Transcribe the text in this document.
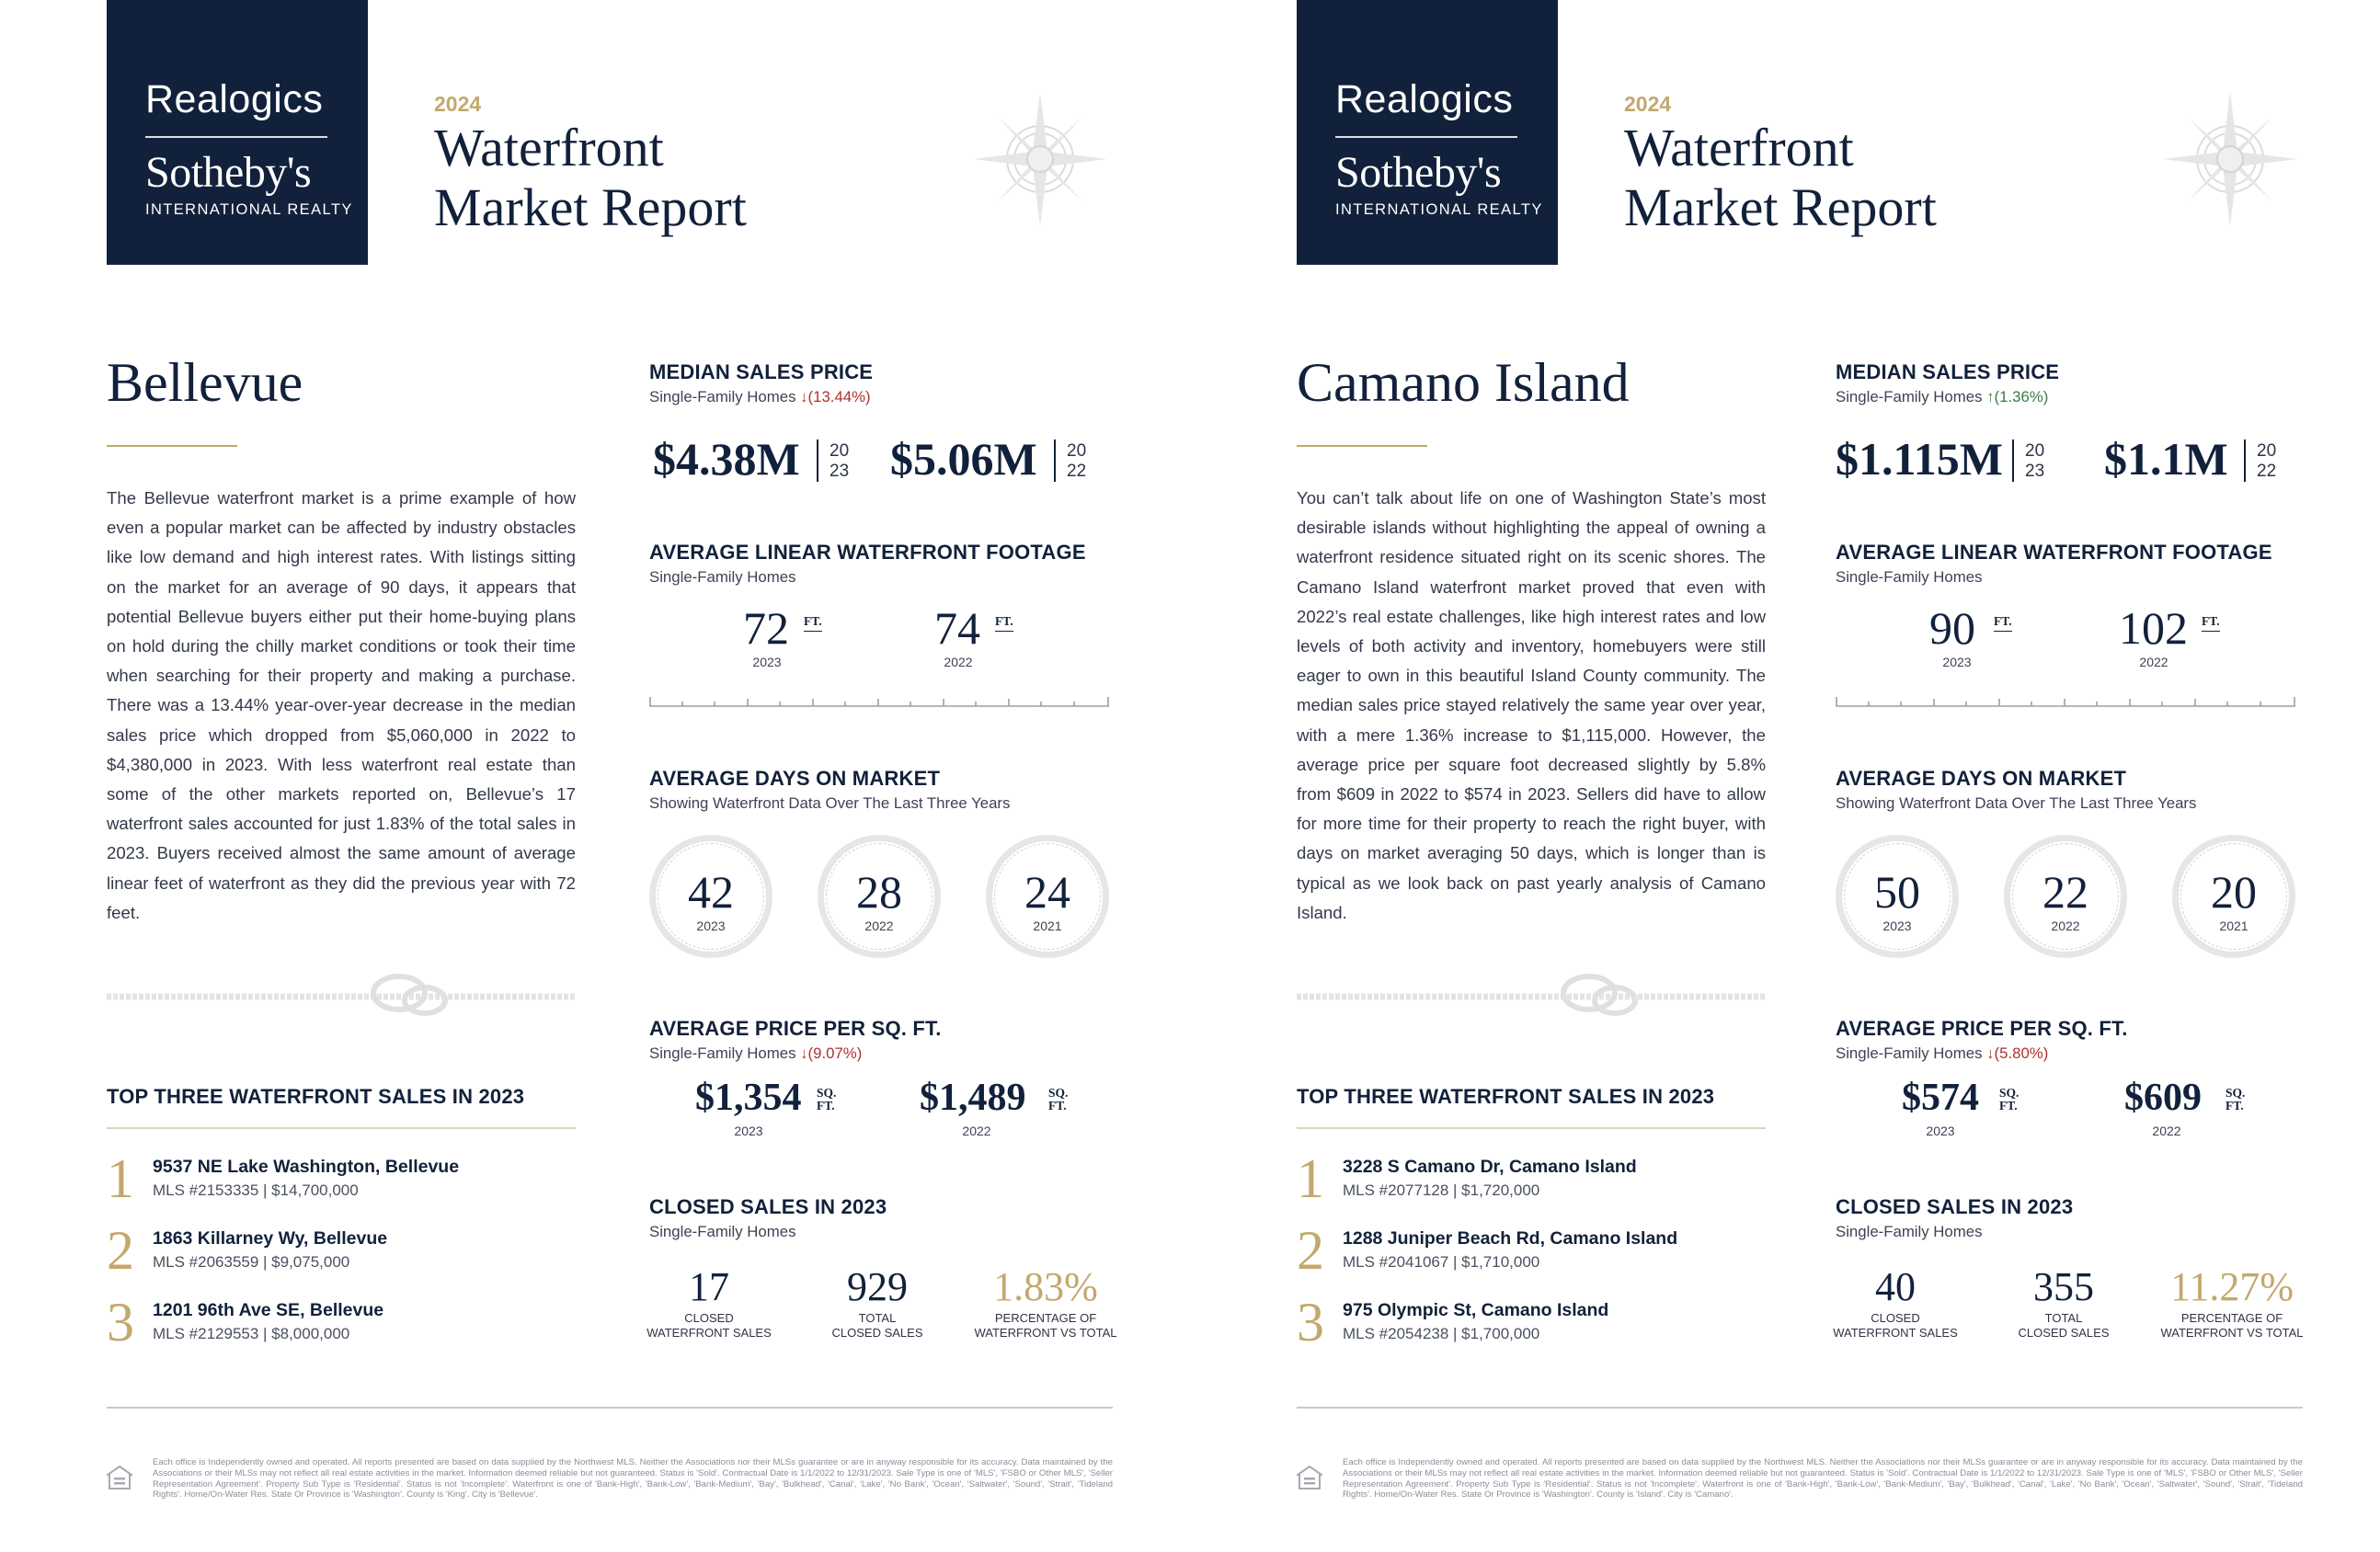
Realogics
Sotheby's
INTERNATIONAL REALTY
2024
Waterfront
Market Report
Bellevue
The Bellevue waterfront market is a prime example of how even a popular market can be affected by industry obstacles like low demand and high interest rates. With listings sitting on the market for an average of 90 days, it appears that potential Bellevue buyers either put their home-buying plans on hold during the chilly market conditions or took their time when searching for their property and making a purchase. There was a 13.44% year-over-year decrease in the median sales price which dropped from $5,060,000 in 2022 to $4,380,000 in 2023. With less waterfront real estate than some of the other markets reported on, Bellevue’s 17 waterfront sales accounted for just 1.83% of the total sales in 2023. Buyers received almost the same amount of average linear feet of waterfront as they did the previous year with 72 feet.
TOP THREE WATERFRONT SALES IN 2023
1 9537 NE Lake Washington, Bellevue
MLS #2153335 | $14,700,000
2 1863 Killarney Wy, Bellevue
MLS #2063559 | $9,075,000
3 1201 96th Ave SE, Bellevue
MLS #2129553 | $8,000,000
MEDIAN SALES PRICE
Single-Family Homes ↓(13.44%)
$4.38M 20
23 $5.06M 20
22
AVERAGE LINEAR WATERFRONT FOOTAGE
Single-Family Homes
72 FT.
2023
74 FT.
2022
AVERAGE DAYS ON MARKET
Showing Waterfront Data Over The Last Three Years
42
2023
28
2022
24
2021
AVERAGE PRICE PER SQ. FT.
Single-Family Homes ↓(9.07%)
$1,354 SQ.
FT.
2023
$1,489 SQ.
FT.
2022
CLOSED SALES IN 2023
Single-Family Homes
17
CLOSED
WATERFRONT SALES
929
TOTAL
CLOSED SALES
1.83%
PERCENTAGE OF
WATERFRONT VS TOTAL
Each office is Independently owned and operated. All reports presented are based on data supplied by the Northwest MLS. Neither the Associations nor their MLSs guarantee or are in anyway responsible for its accuracy. Data maintained by the Associations or their MLSs may not reflect all real estate activities in the market. Information deemed reliable but not guaranteed. Status is 'Sold'. Contractual Date is 1/1/2022 to 12/31/2023. Sale Type is one of 'MLS', 'FSBO or Other MLS', 'Seller Representation Agreement'. Property Sub Type is 'Residential'. Status is not 'Incomplete'. Waterfront is one of 'Bank-High', 'Bank-Low', 'Bank-Medium', 'Bay', 'Bulkhead', 'Canal', 'Lake', 'No Bank', 'Ocean', 'Saltwater', 'Sound', 'Strait', 'Tideland Rights'. Home/On-Water Res. State Or Province is 'Washington'. County is 'King'. City is 'Bellevue'.
Realogics
Sotheby's
INTERNATIONAL REALTY
2024
Waterfront
Market Report
Camano Island
You can’t talk about life on one of Washington State’s most desirable islands without highlighting the appeal of owning a waterfront residence situated right on its scenic shores. The Camano Island waterfront market proved that even with 2022’s real estate challenges, like high interest rates and low levels of both activity and inventory, homebuyers were still eager to own in this beautiful Island County community. The median sales price stayed relatively the same year over year, with a mere 1.36% increase to $1,115,000. However, the average price per square foot decreased slightly by 5.8% from $609 in 2022 to $574 in 2023. Sellers did have to allow for more time for their property to reach the right buyer, with days on market averaging 50 days, which is longer than is typical as we look back on past yearly analysis of Camano Island.
TOP THREE WATERFRONT SALES IN 2023
1 3228 S Camano Dr, Camano Island
MLS #2077128 | $1,720,000
2 1288 Juniper Beach Rd, Camano Island
MLS #2041067 | $1,710,000
3 975 Olympic St, Camano Island
MLS #2054238 | $1,700,000
MEDIAN SALES PRICE
Single-Family Homes ↑(1.36%)
$1.115M 20
23 $1.1M 20
22
AVERAGE LINEAR WATERFRONT FOOTAGE
Single-Family Homes
90 FT.
2023
102 FT.
2022
AVERAGE DAYS ON MARKET
Showing Waterfront Data Over The Last Three Years
50
2023
22
2022
20
2021
AVERAGE PRICE PER SQ. FT.
Single-Family Homes ↓(5.80%)
$574 SQ.
FT.
2023
$609 SQ.
FT.
2022
CLOSED SALES IN 2023
Single-Family Homes
40
CLOSED
WATERFRONT SALES
355
TOTAL
CLOSED SALES
11.27%
PERCENTAGE OF
WATERFRONT VS TOTAL
Each office is Independently owned and operated. All reports presented are based on data supplied by the Northwest MLS. Neither the Associations nor their MLSs guarantee or are in anyway responsible for its accuracy. Data maintained by the Associations or their MLSs may not reflect all real estate activities in the market. Information deemed reliable but not guaranteed. Status is 'Sold'. Contractual Date is 1/1/2022 to 12/31/2023. Sale Type is one of 'MLS', 'FSBO or Other MLS', 'Seller Representation Agreement'. Property Sub Type is 'Residential'. Status is not 'Incomplete'. Waterfront is one of 'Bank-High', 'Bank-Low', 'Bank-Medium', 'Bay', 'Bulkhead', 'Canal', 'Lake', 'No Bank', 'Ocean', 'Saltwater', 'Sound', 'Strait', 'Tideland Rights'. Home/On-Water Res. State Or Province is 'Washington'. County is 'Island'. City is 'Camano'.
